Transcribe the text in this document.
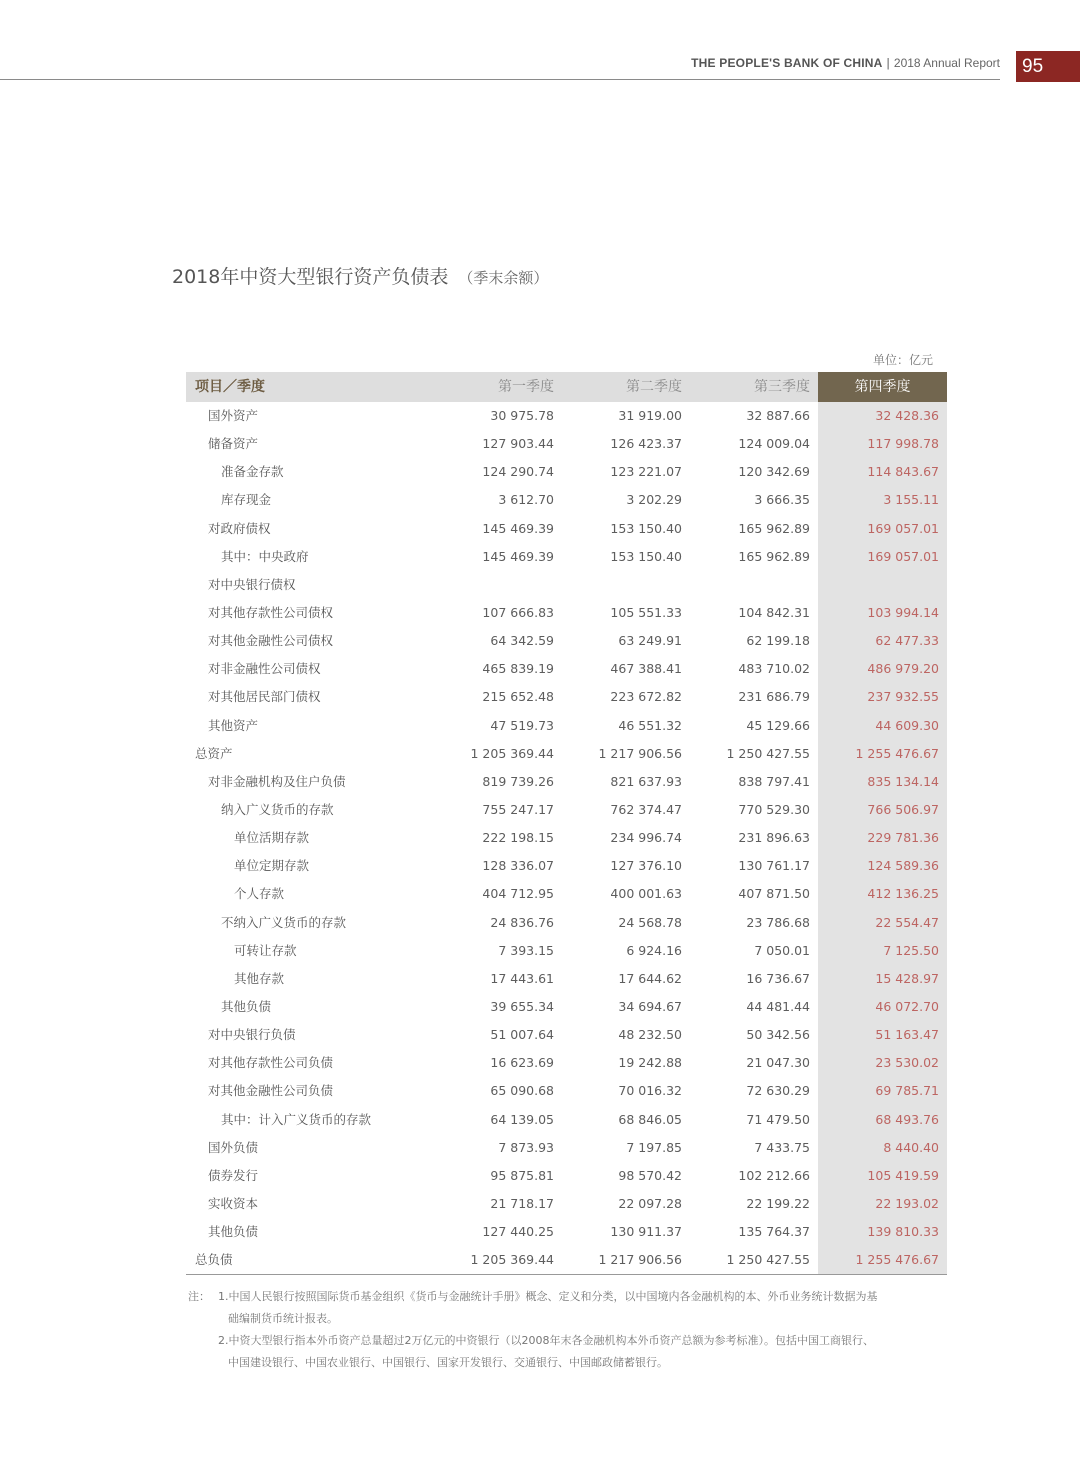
THE PEOPLE'S BANK OF CHINA | 2018 Annual Report	95
2018年中资大型银行资产负债表 （季末余额）
单位：亿元
项目／季度	第一季度	第二季度	第三季度	第四季度
国外资产	30 975.78	31 919.00	32 887.66	32 428.36
储备资产	127 903.44	126 423.37	124 009.04	117 998.78
准备金存款	124 290.74	123 221.07	120 342.69	114 843.67
库存现金	3 612.70	3 202.29	3 666.35	3 155.11
对政府债权	145 469.39	153 150.40	165 962.89	169 057.01
其中：中央政府	145 469.39	153 150.40	165 962.89	169 057.01
对中央银行债权
对其他存款性公司债权	107 666.83	105 551.33	104 842.31	103 994.14
对其他金融性公司债权	64 342.59	63 249.91	62 199.18	62 477.33
对非金融性公司债权	465 839.19	467 388.41	483 710.02	486 979.20
对其他居民部门债权	215 652.48	223 672.82	231 686.79	237 932.55
其他资产	47 519.73	46 551.32	45 129.66	44 609.30
总资产	1 205 369.44	1 217 906.56	1 250 427.55	1 255 476.67
对非金融机构及住户负债	819 739.26	821 637.93	838 797.41	835 134.14
纳入广义货币的存款	755 247.17	762 374.47	770 529.30	766 506.97
单位活期存款	222 198.15	234 996.74	231 896.63	229 781.36
单位定期存款	128 336.07	127 376.10	130 761.17	124 589.36
个人存款	404 712.95	400 001.63	407 871.50	412 136.25
不纳入广义货币的存款	24 836.76	24 568.78	23 786.68	22 554.47
可转让存款	7 393.15	6 924.16	7 050.01	7 125.50
其他存款	17 443.61	17 644.62	16 736.67	15 428.97
其他负债	39 655.34	34 694.67	44 481.44	46 072.70
对中央银行负债	51 007.64	48 232.50	50 342.56	51 163.47
对其他存款性公司负债	16 623.69	19 242.88	21 047.30	23 530.02
对其他金融性公司负债	65 090.68	70 016.32	72 630.29	69 785.71
其中：计入广义货币的存款	64 139.05	68 846.05	71 479.50	68 493.76
国外负债	7 873.93	7 197.85	7 433.75	8 440.40
债券发行	95 875.81	98 570.42	102 212.66	105 419.59
实收资本	21 718.17	22 097.28	22 199.22	22 193.02
其他负债	127 440.25	130 911.37	135 764.37	139 810.33
总负债	1 205 369.44	1 217 906.56	1 250 427.55	1 255 476.67
注： 1.中国人民银行按照国际货币基金组织《货币与金融统计手册》概念、定义和分类，以中国境内各金融机构的本、外币业务统计数据为基
础编制货币统计报表。
2.中资大型银行指本外币资产总量超过2万亿元的中资银行（以2008年末各金融机构本外币资产总额为参考标准）。包括中国工商银行、
中国建设银行、中国农业银行、中国银行、国家开发银行、交通银行、中国邮政储蓄银行。
